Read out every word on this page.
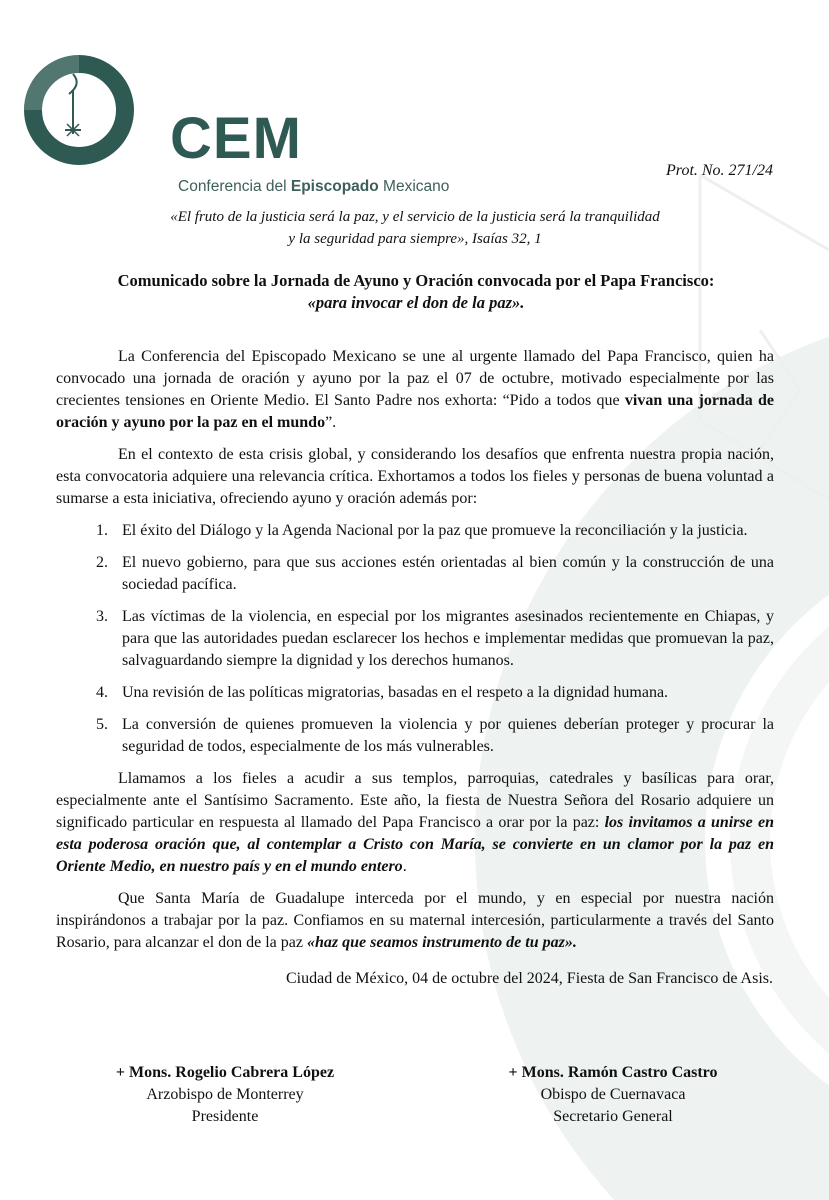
CEM
Conferencia del Episcopado Mexicano
Prot. No. 271/24
«El fruto de la justicia será la paz, y el servicio de la justicia será la tranquilidad
y la seguridad para siempre», Isaías 32, 1
Comunicado sobre la Jornada de Ayuno y Oración convocada por el Papa Francisco:
«para invocar el don de la paz».

La Conferencia del Episcopado Mexicano se une al urgente llamado del Papa Francisco, quien ha convocado una jornada de oración y ayuno por la paz el 07 de octubre, motivado especialmente por las crecientes tensiones en Oriente Medio. El Santo Padre nos exhorta: “Pido a todos que vivan una jornada de oración y ayuno por la paz en el mundo”.

En el contexto de esta crisis global, y considerando los desafíos que enfrenta nuestra propia nación, esta convocatoria adquiere una relevancia crítica. Exhortamos a todos los fieles y personas de buena voluntad a sumarse a esta iniciativa, ofreciendo ayuno y oración además por:

1. El éxito del Diálogo y la Agenda Nacional por la paz que promueve la reconciliación y la justicia.
2. El nuevo gobierno, para que sus acciones estén orientadas al bien común y la construcción de una sociedad pacífica.
3. Las víctimas de la violencia, en especial por los migrantes asesinados recientemente en Chiapas, y para que las autoridades puedan esclarecer los hechos e implementar medidas que promuevan la paz, salvaguardando siempre la dignidad y los derechos humanos.
4. Una revisión de las políticas migratorias, basadas en el respeto a la dignidad humana.
5. La conversión de quienes promueven la violencia y por quienes deberían proteger y procurar la seguridad de todos, especialmente de los más vulnerables.

Llamamos a los fieles a acudir a sus templos, parroquias, catedrales y basílicas para orar, especialmente ante el Santísimo Sacramento. Este año, la fiesta de Nuestra Señora del Rosario adquiere un significado particular en respuesta al llamado del Papa Francisco a orar por la paz: los invitamos a unirse en esta poderosa oración que, al contemplar a Cristo con María, se convierte en un clamor por la paz en Oriente Medio, en nuestro país y en el mundo entero.

Que Santa María de Guadalupe interceda por el mundo, y en especial por nuestra nación inspirándonos a trabajar por la paz. Confiamos en su maternal intercesión, particularmente a través del Santo Rosario, para alcanzar el don de la paz «haz que seamos instrumento de tu paz».

Ciudad de México, 04 de octubre del 2024, Fiesta de San Francisco de Asis.
+ Mons. Rogelio Cabrera López
Arzobispo de Monterrey
Presidente
+ Mons. Ramón Castro Castro
Obispo de Cuernavaca
Secretario General
